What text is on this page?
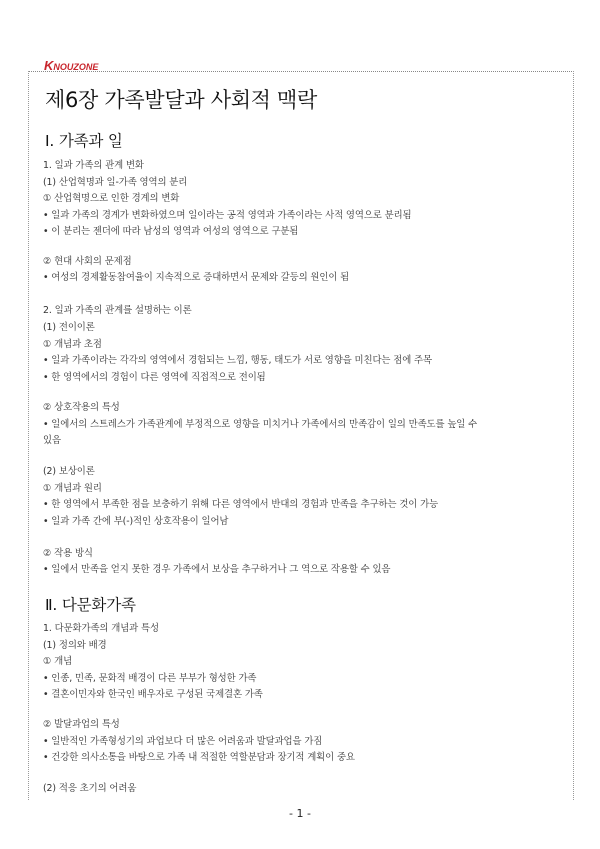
K NOUZONE
제6장 가족발달과 사회적 맥락
Ⅰ. 가족과 일
1. 일과 가족의 관계 변화
(1) 산업혁명과 일-가족 영역의 분리
① 산업혁명으로 인한 경계의 변화
• 일과 가족의 경계가 변화하였으며 일이라는 공적 영역과 가족이라는 사적 영역으로 분리됨
• 이 분리는 젠더에 따라 남성의 영역과 여성의 영역으로 구분됨
② 현대 사회의 문제점
• 여성의 경제활동참여율이 지속적으로 증대하면서 문제와 갈등의 원인이 됨
2. 일과 가족의 관계를 설명하는 이론
(1) 전이이론
① 개념과 초점
• 일과 가족이라는 각각의 영역에서 경험되는 느낌, 행동, 태도가 서로 영향을 미친다는 점에 주목
• 한 영역에서의 경험이 다른 영역에 직접적으로 전이됨
② 상호작용의 특성
• 일에서의 스트레스가 가족관계에 부정적으로 영향을 미치거나 가족에서의 만족감이 일의 만족도를 높일 수
있음
(2) 보상이론
① 개념과 원리
• 한 영역에서 부족한 점을 보충하기 위해 다른 영역에서 반대의 경험과 만족을 추구하는 것이 가능
• 일과 가족 간에 부(-)적인 상호작용이 일어남
② 작용 방식
• 일에서 만족을 얻지 못한 경우 가족에서 보상을 추구하거나 그 역으로 작용할 수 있음
Ⅱ. 다문화가족
1. 다문화가족의 개념과 특성
(1) 정의와 배경
① 개념
• 인종, 민족, 문화적 배경이 다른 부부가 형성한 가족
• 결혼이민자와 한국인 배우자로 구성된 국제결혼 가족
② 발달과업의 특성
• 일반적인 가족형성기의 과업보다 더 많은 어려움과 발달과업을 가짐
• 건강한 의사소통을 바탕으로 가족 내 적절한 역할분담과 장기적 계획이 중요
(2) 적응 초기의 어려움
- 1 -
